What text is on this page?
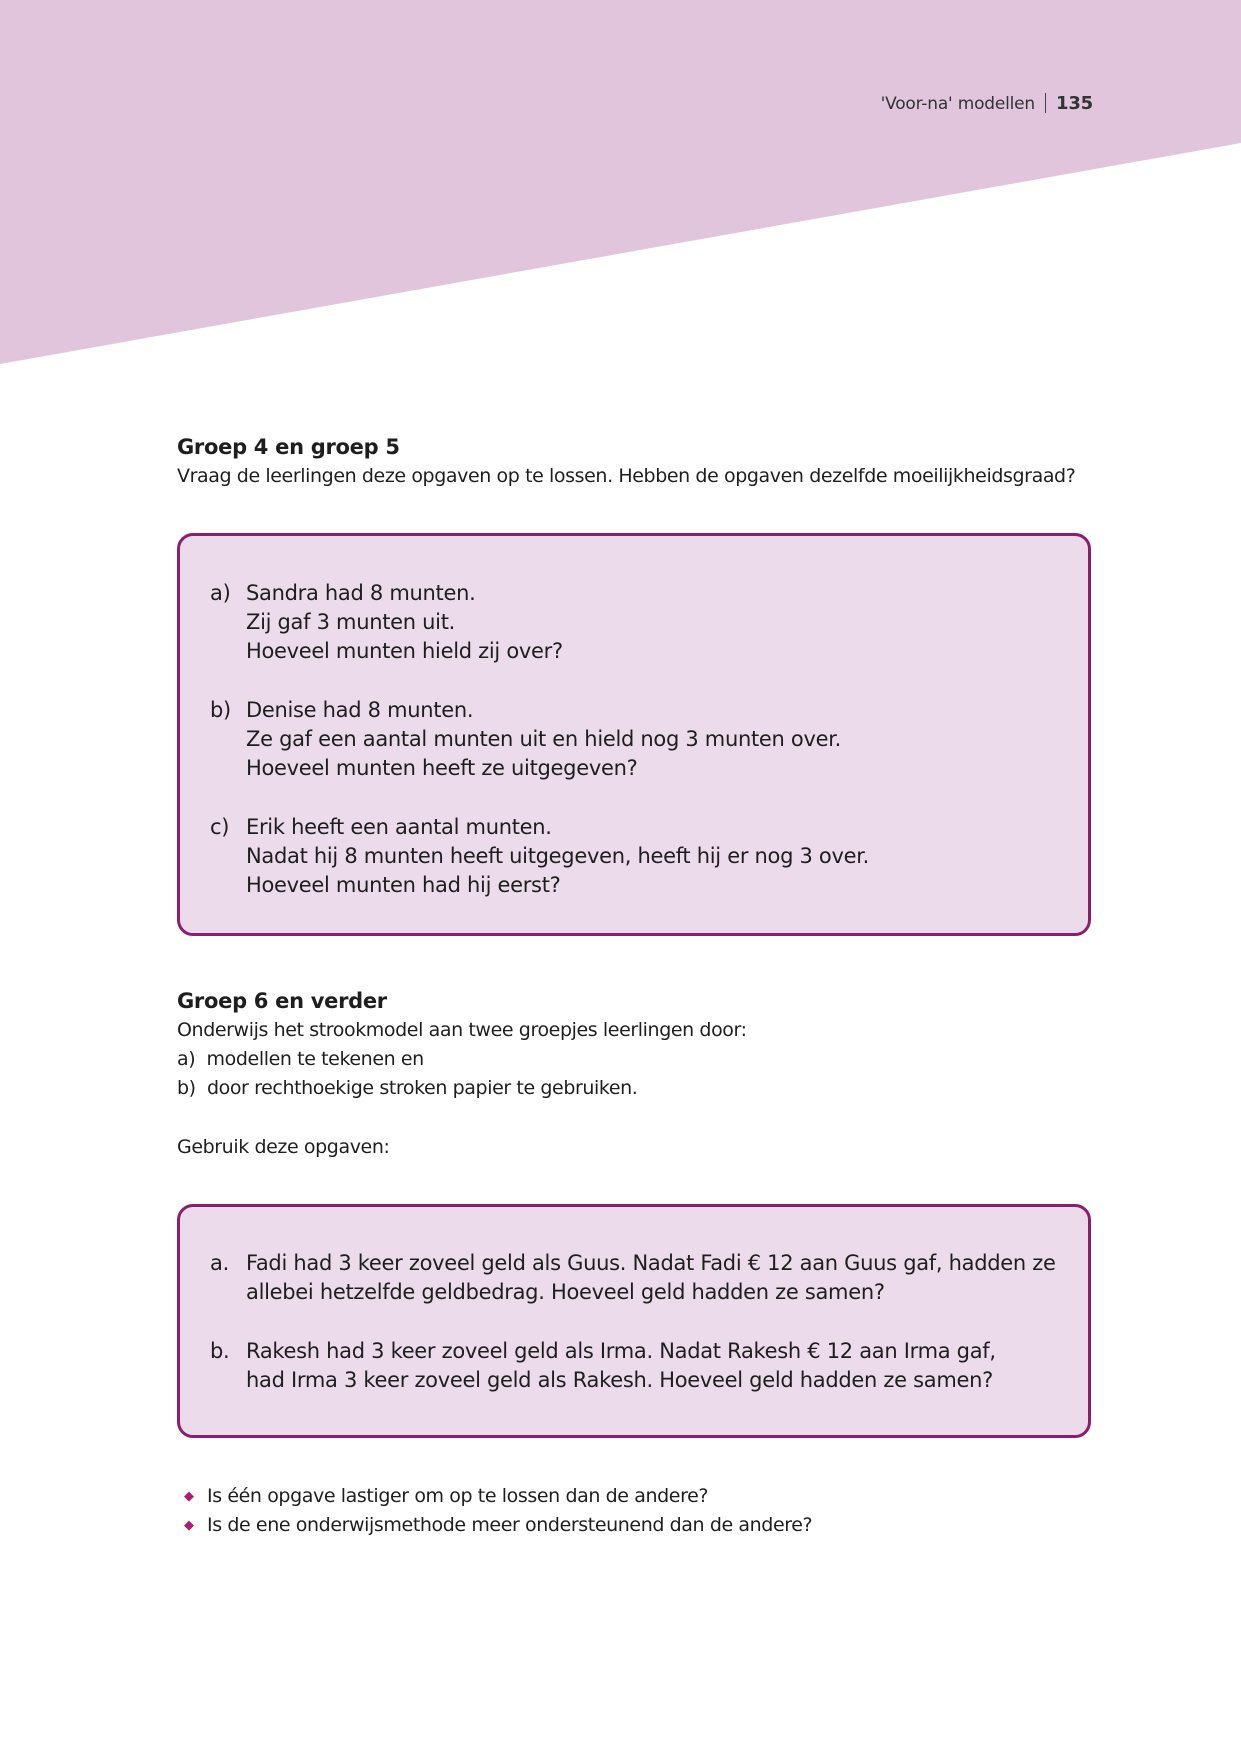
'Voor-na' modellen 135
Groep 4 en groep 5
Vraag de leerlingen deze opgaven op te lossen. Hebben de opgaven dezelfde moeilijkheidsgraad?
a) Sandra had 8 munten.
Zij gaf 3 munten uit.
Hoeveel munten hield zij over?
b) Denise had 8 munten.
Ze gaf een aantal munten uit en hield nog 3 munten over.
Hoeveel munten heeft ze uitgegeven?
c) Erik heeft een aantal munten.
Nadat hij 8 munten heeft uitgegeven, heeft hij er nog 3 over.
Hoeveel munten had hij eerst?
Groep 6 en verder
Onderwijs het strookmodel aan twee groepjes leerlingen door:
a)  modellen te tekenen en
b)  door rechthoekige stroken papier te gebruiken.
Gebruik deze opgaven:
a. Fadi had 3 keer zoveel geld als Guus. Nadat Fadi € 12 aan Guus gaf, hadden ze
allebei hetzelfde geldbedrag. Hoeveel geld hadden ze samen?
b. Rakesh had 3 keer zoveel geld als Irma. Nadat Rakesh € 12 aan Irma gaf,
had Irma 3 keer zoveel geld als Rakesh. Hoeveel geld hadden ze samen?
◆ Is één opgave lastiger om op te lossen dan de andere?
◆ Is de ene onderwijsmethode meer ondersteunend dan de andere?
